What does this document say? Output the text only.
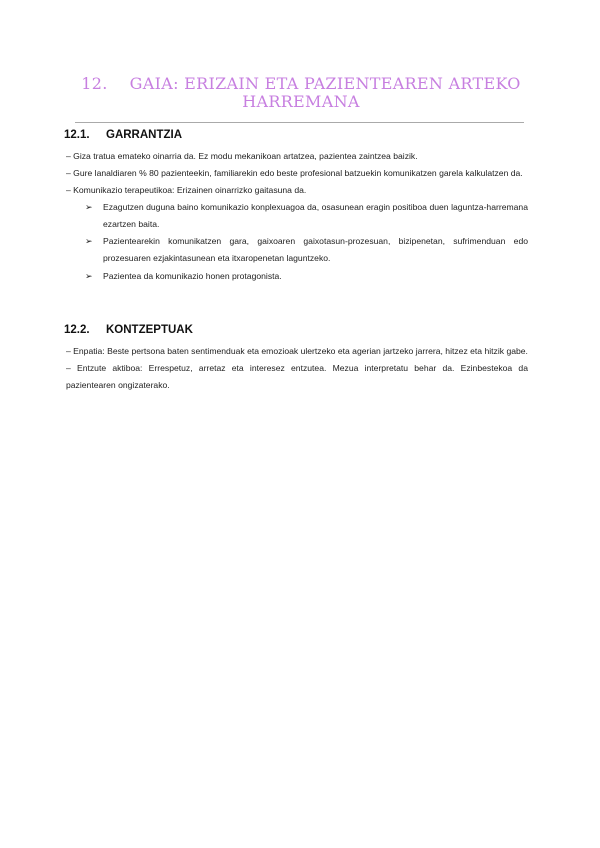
12. GAIA: ERIZAIN ETA PAZIENTEAREN ARTEKO HARREMANA
12.1. GARRANTZIA

– Giza tratua emateko oinarria da. Ez modu mekanikoan artatzea, pazientea zaintzea baizik.

– Gure lanaldiaren % 80 pazienteekin, familiarekin edo beste profesional batzuekin komunikatzen garela kalkulatzen da.

– Komunikazio terapeutikoa: Erizainen oinarrizko gaitasuna da.

➢ Ezagutzen duguna baino komunikazio konplexuagoa da, osasunean eragin positiboa duen laguntza-harremana ezartzen baita.

➢ Pazientearekin komunikatzen gara, gaixoaren gaixotasun-prozesuan, bizipenetan, sufrimenduan edo prozesuaren ezjakintasunean eta itxaropenetan laguntzeko.

➢ Pazientea da komunikazio honen protagonista.

12.2. KONTZEPTUAK

– Enpatia: Beste pertsona baten sentimenduak eta emozioak ulertzeko eta agerian jartzeko jarrera, hitzez eta hitzik gabe.

– Entzute aktiboa: Errespetuz, arretaz eta interesez entzutea. Mezua interpretatu behar da. Ezinbestekoa da pazientearen ongizaterako.
